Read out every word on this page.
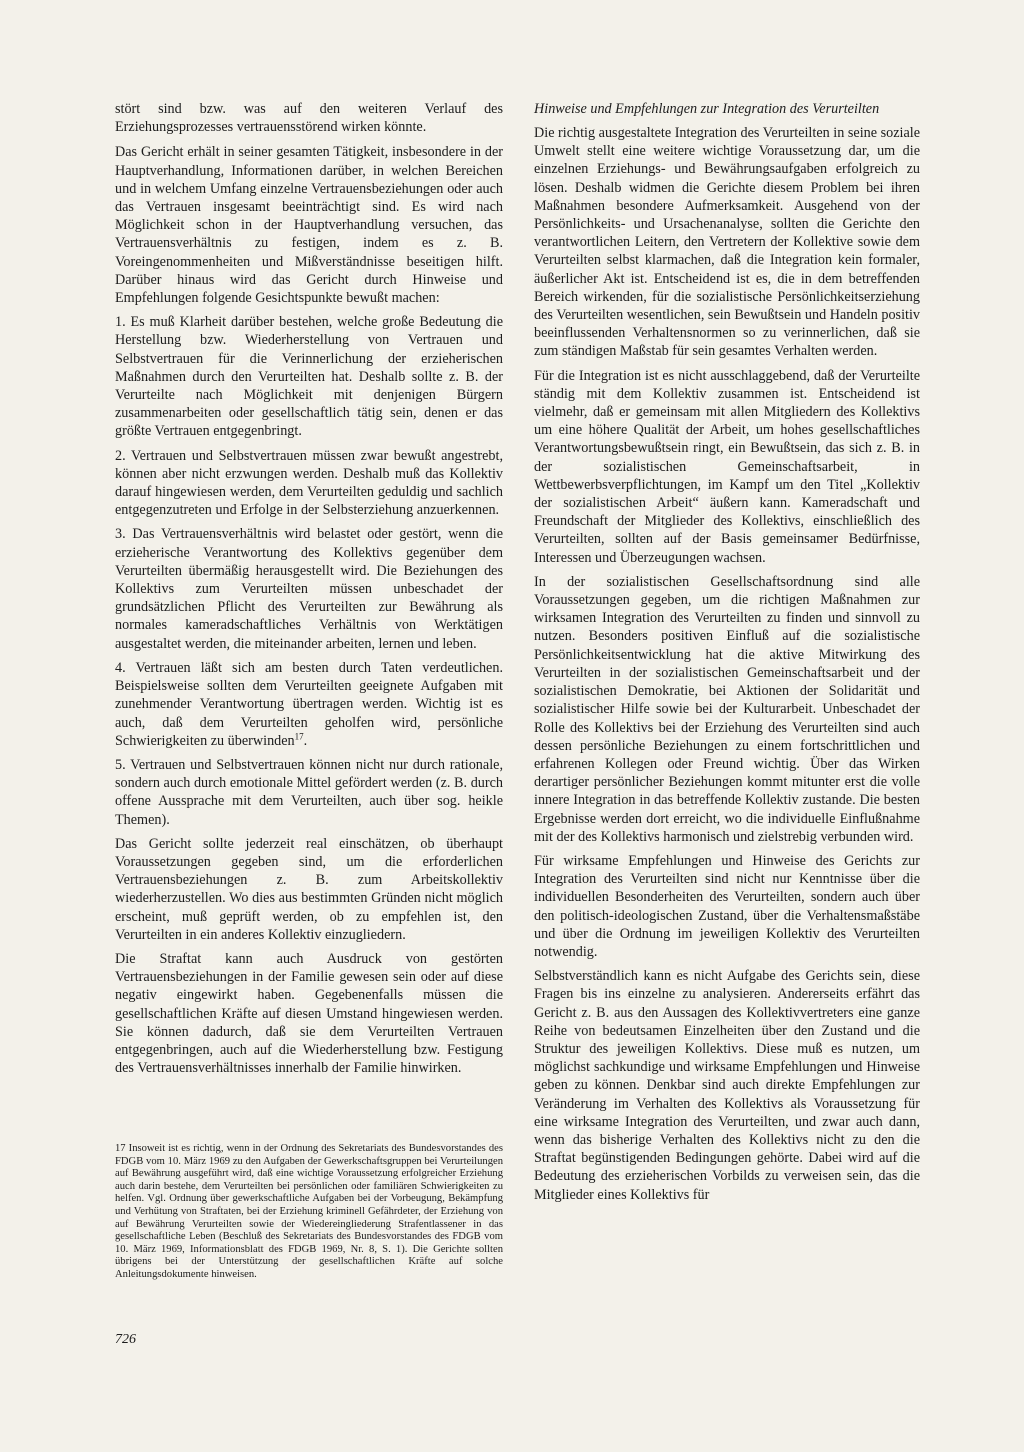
stört sind bzw. was auf den weiteren Verlauf des Erziehungsprozesses vertrauensstörend wirken könnte.

Das Gericht erhält in seiner gesamten Tätigkeit, insbesondere in der Hauptverhandlung, Informationen darüber, in welchen Bereichen und in welchem Umfang einzelne Vertrauensbeziehungen oder auch das Vertrauen insgesamt beeinträchtigt sind. Es wird nach Möglichkeit schon in der Hauptverhandlung versuchen, das Vertrauensverhältnis zu festigen, indem es z. B. Voreingenommenheiten und Mißverständnisse beseitigen hilft. Darüber hinaus wird das Gericht durch Hinweise und Empfehlungen folgende Gesichtspunkte bewußt machen:

1. Es muß Klarheit darüber bestehen, welche große Bedeutung die Herstellung bzw. Wiederherstellung von Vertrauen und Selbstvertrauen für die Verinnerlichung der erzieherischen Maßnahmen durch den Verurteilten hat. Deshalb sollte z. B. der Verurteilte nach Möglichkeit mit denjenigen Bürgern zusammenarbeiten oder gesellschaftlich tätig sein, denen er das größte Vertrauen entgegenbringt.

2. Vertrauen und Selbstvertrauen müssen zwar bewußt angestrebt, können aber nicht erzwungen werden. Deshalb muß das Kollektiv darauf hingewiesen werden, dem Verurteilten geduldig und sachlich entgegenzutreten und Erfolge in der Selbsterziehung anzuerkennen.

3. Das Vertrauensverhältnis wird belastet oder gestört, wenn die erzieherische Verantwortung des Kollektivs gegenüber dem Verurteilten übermäßig herausgestellt wird. Die Beziehungen des Kollektivs zum Verurteilten müssen unbeschadet der grundsätzlichen Pflicht des Verurteilten zur Bewährung als normales kameradschaftliches Verhältnis von Werktätigen ausgestaltet werden, die miteinander arbeiten, lernen und leben.

4. Vertrauen läßt sich am besten durch Taten verdeutlichen. Beispielsweise sollten dem Verurteilten geeignete Aufgaben mit zunehmender Verantwortung übertragen werden. Wichtig ist es auch, daß dem Verurteilten geholfen wird, persönliche Schwierigkeiten zu überwinden$^{17}$.

5. Vertrauen und Selbstvertrauen können nicht nur durch rationale, sondern auch durch emotionale Mittel gefördert werden (z. B. durch offene Aussprache mit dem Verurteilten, auch über sog. heikle Themen).

Das Gericht sollte jederzeit real einschätzen, ob überhaupt Voraussetzungen gegeben sind, um die erforderlichen Vertrauensbeziehungen z. B. zum Arbeitskollektiv wiederherzustellen. Wo dies aus bestimmten Gründen nicht möglich erscheint, muß geprüft werden, ob zu empfehlen ist, den Verurteilten in ein anderes Kollektiv einzugliedern.

Die Straftat kann auch Ausdruck von gestörten Vertrauensbeziehungen in der Familie gewesen sein oder auf diese negativ eingewirkt haben. Gegebenenfalls müssen die gesellschaftlichen Kräfte auf diesen Umstand hingewiesen werden. Sie können dadurch, daß sie dem Verurteilten Vertrauen entgegenbringen, auch auf die Wiederherstellung bzw. Festigung des Vertrauensverhältnisses innerhalb der Familie hinwirken.

17 Insoweit ist es richtig, wenn in der Ordnung des Sekretariats des Bundesvorstandes des FDGB vom 10. März 1969 zu den Aufgaben der Gewerkschaftsgruppen bei Verurteilungen auf Bewährung ausgeführt wird, daß eine wichtige Voraussetzung erfolgreicher Erziehung auch darin bestehe, dem Verurteilten bei persönlichen oder familiären Schwierigkeiten zu helfen. Vgl. Ordnung über gewerkschaftliche Aufgaben bei der Vorbeugung, Bekämpfung und Verhütung von Straftaten, bei der Erziehung kriminell Gefährdeter, der Erziehung von auf Bewährung Verurteilten sowie der Wiedereingliederung Strafentlassener in das gesellschaftliche Leben (Beschluß des Sekretariats des Bundesvorstandes des FDGB vom 10. März 1969, Informationsblatt des FDGB 1969, Nr. 8, S. 1). Die Gerichte sollten übrigens bei der Unterstützung der gesellschaftlichen Kräfte auf solche Anleitungsdokumente hinweisen.

Hinweise und Empfehlungen zur Integration des Verurteilten

Die richtig ausgestaltete Integration des Verurteilten in seine soziale Umwelt stellt eine weitere wichtige Voraussetzung dar, um die einzelnen Erziehungs- und Bewährungsaufgaben erfolgreich zu lösen. Deshalb widmen die Gerichte diesem Problem bei ihren Maßnahmen besondere Aufmerksamkeit. Ausgehend von der Persönlichkeits- und Ursachenanalyse, sollten die Gerichte den verantwortlichen Leitern, den Vertretern der Kollektive sowie dem Verurteilten selbst klarmachen, daß die Integration kein formaler, äußerlicher Akt ist. Entscheidend ist es, die in dem betreffenden Bereich wirkenden, für die sozialistische Persönlichkeitserziehung des Verurteilten wesentlichen, sein Bewußtsein und Handeln positiv beeinflussenden Verhaltensnormen so zu verinnerlichen, daß sie zum ständigen Maßstab für sein gesamtes Verhalten werden.

Für die Integration ist es nicht ausschlaggebend, daß der Verurteilte ständig mit dem Kollektiv zusammen ist. Entscheidend ist vielmehr, daß er gemeinsam mit allen Mitgliedern des Kollektivs um eine höhere Qualität der Arbeit, um hohes gesellschaftliches Verantwortungsbewußtsein ringt, ein Bewußtsein, das sich z. B. in der sozialistischen Gemeinschaftsarbeit, in Wettbewerbsverpflichtungen, im Kampf um den Titel „Kollektiv der sozialistischen Arbeit“ äußern kann. Kameradschaft und Freundschaft der Mitglieder des Kollektivs, einschließlich des Verurteilten, sollten auf der Basis gemeinsamer Bedürfnisse, Interessen und Überzeugungen wachsen.

In der sozialistischen Gesellschaftsordnung sind alle Voraussetzungen gegeben, um die richtigen Maßnahmen zur wirksamen Integration des Verurteilten zu finden und sinnvoll zu nutzen. Besonders positiven Einfluß auf die sozialistische Persönlichkeitsentwicklung hat die aktive Mitwirkung des Verurteilten in der sozialistischen Gemeinschaftsarbeit und der sozialistischen Demokratie, bei Aktionen der Solidarität und sozialistischer Hilfe sowie bei der Kulturarbeit. Unbeschadet der Rolle des Kollektivs bei der Erziehung des Verurteilten sind auch dessen persönliche Beziehungen zu einem fortschrittlichen und erfahrenen Kollegen oder Freund wichtig. Über das Wirken derartiger persönlicher Beziehungen kommt mitunter erst die volle innere Integration in das betreffende Kollektiv zustande. Die besten Ergebnisse werden dort erreicht, wo die individuelle Einflußnahme mit der des Kollektivs harmonisch und zielstrebig verbunden wird.

Für wirksame Empfehlungen und Hinweise des Gerichts zur Integration des Verurteilten sind nicht nur Kenntnisse über die individuellen Besonderheiten des Verurteilten, sondern auch über den politisch-ideologischen Zustand, über die Verhaltensmaßstäbe und über die Ordnung im jeweiligen Kollektiv des Verurteilten notwendig.

Selbstverständlich kann es nicht Aufgabe des Gerichts sein, diese Fragen bis ins einzelne zu analysieren. Andererseits erfährt das Gericht z. B. aus den Aussagen des Kollektivvertreters eine ganze Reihe von bedeutsamen Einzelheiten über den Zustand und die Struktur des jeweiligen Kollektivs. Diese muß es nutzen, um möglichst sachkundige und wirksame Empfehlungen und Hinweise geben zu können. Denkbar sind auch direkte Empfehlungen zur Veränderung im Verhalten des Kollektivs als Voraussetzung für eine wirksame Integration des Verurteilten, und zwar auch dann, wenn das bisherige Verhalten des Kollektivs nicht zu den die Straftat begünstigenden Bedingungen gehörte. Dabei wird auf die Bedeutung des erzieherischen Vorbilds zu verweisen sein, das die Mitglieder eines Kollektivs für

726
